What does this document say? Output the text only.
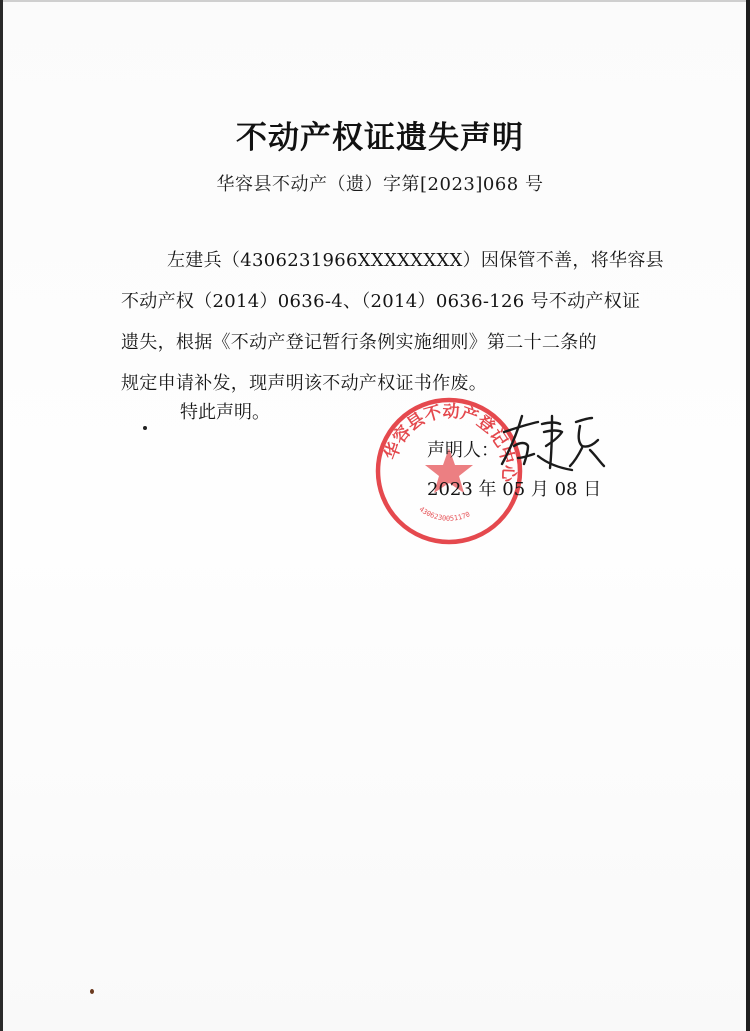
不动产权证遗失声明
华容县不动产（遗）字第[2023]068 号
左建兵（4306231966XXXXXXXX）因保管不善，将华容县
不动产权（2014）0636-4、（2014）0636-126 号不动产权证
遗失，根据《不动产登记暂行条例实施细则》第二十二条的
规定申请补发，现声明该不动产权证书作废。
特此声明。
华容县不动产登记中心
4306230051170
声明人：
2023 年 05 月 08 日
